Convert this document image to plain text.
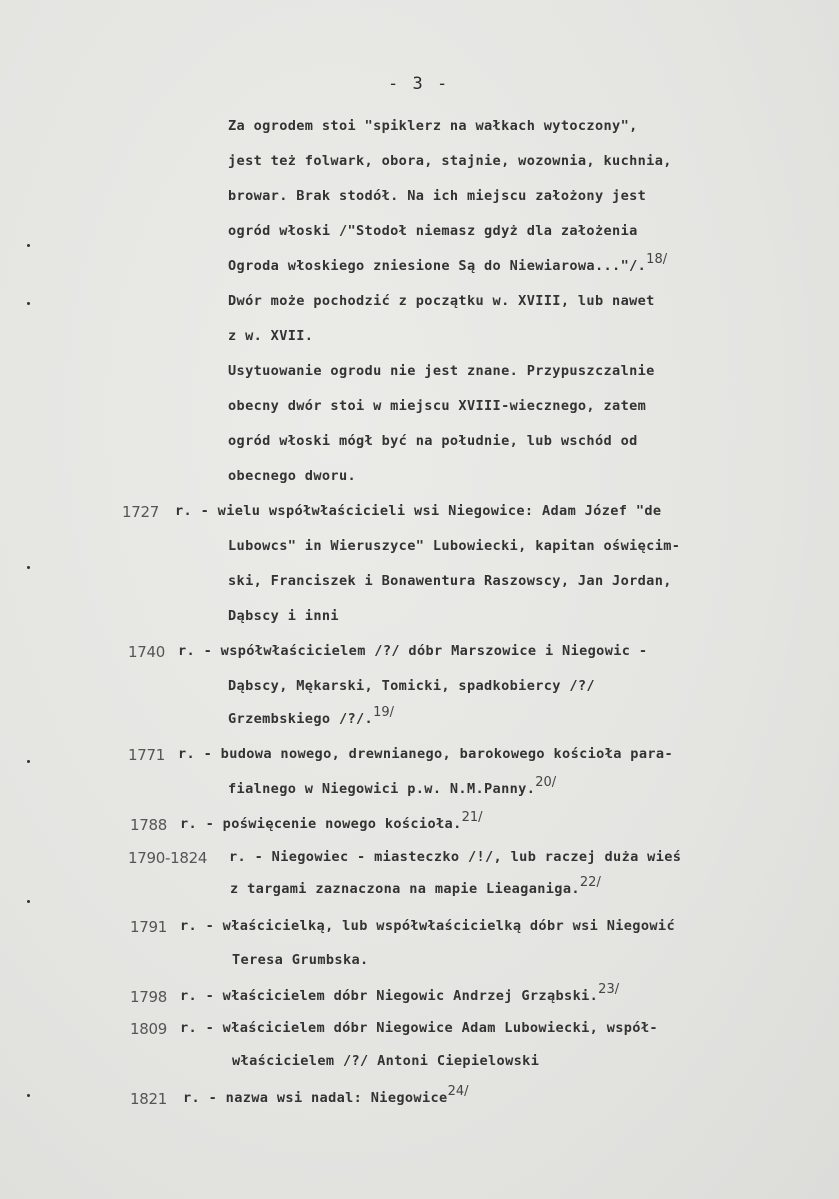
- 3 -
Za ogrodem stoi "spiklerz na wałkach wytoczony",
jest też folwark, obora, stajnie, wozownia, kuchnia,
browar. Brak stodół. Na ich miejscu założony jest
ogród włoski /"Stodoł niemasz gdyż dla założenia
Ogroda włoskiego zniesione Są do Niewiarowa..."/.$^{18/}$
Dwór może pochodzić z początku w. XVIII, lub nawet
z w. XVII.
Usytuowanie ogrodu nie jest znane. Przypuszczalnie
obecny dwór stoi w miejscu XVIII-wiecznego, zatem
ogród włoski mógł być na południe, lub wschód od
obecnego dworu.
1727 r. - wielu współwłaścicieli wsi Niegowice: Adam Józef "de
Lubowcs" in Wieruszyce" Lubowiecki, kapitan oświęcim-
ski, Franciszek i Bonawentura Raszowscy, Jan Jordan,
Dąbscy i inni
1740 r. - współwłaścicielem /?/ dóbr Marszowice i Niegowic -
Dąbscy, Mękarski, Tomicki, spadkobiercy /?/
Grzembskiego /?/.$^{19/}$
1771 r. - budowa nowego, drewnianego, barokowego kościoła para-
fialnego w Niegowici p.w. N.M.Panny.$^{20/}$
1788 r. - poświęcenie nowego kościoła.$^{21/}$
1790-1824 r. - Niegowiec - miasteczko /!/, lub raczej duża wieś
z targami zaznaczona na mapie Lieaganiga.$^{22/}$
1791 r. - właścicielką, lub współwłaścicielką dóbr wsi Niegowić
Teresa Grumbska.
1798 r. - właścicielem dóbr Niegowic Andrzej Grząbski.$^{23/}$
1809 r. - właścicielem dóbr Niegowice Adam Lubowiecki, współ-
właścicielem /?/ Antoni Ciepielowski
1821 r. - nazwa wsi nadal: Niegowice$^{24/}$
